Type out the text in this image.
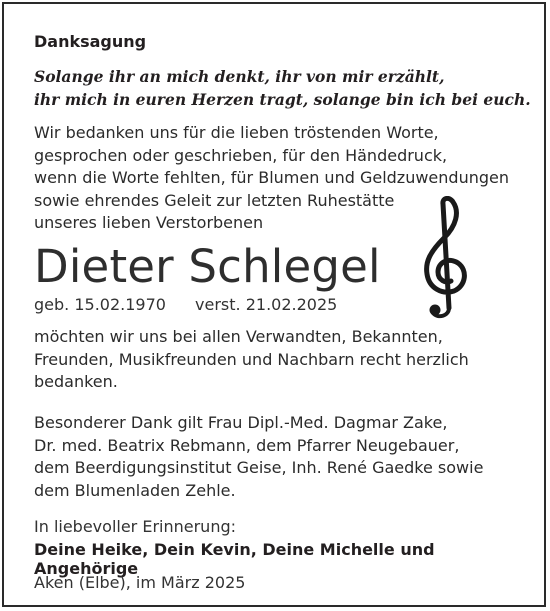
Danksagung
Solange ihr an mich denkt, ihr von mir erzählt,
ihr mich in euren Herzen tragt, solange bin ich bei euch.
Wir bedanken uns für die lieben tröstenden Worte,
gesprochen oder geschrieben, für den Händedruck,
wenn die Worte fehlten, für Blumen und Geldzuwendungen
sowie ehrendes Geleit zur letzten Ruhestätte
unseres lieben Verstorbenen
Dieter Schlegel
geb. 15.02.1970 verst. 21.02.2025
möchten wir uns bei allen Verwandten, Bekannten,
Freunden, Musikfreunden und Nachbarn recht herzlich
bedanken.
Besonderer Dank gilt Frau Dipl.-Med. Dagmar Zake,
Dr. med. Beatrix Rebmann, dem Pfarrer Neugebauer,
dem Beerdigungsinstitut Geise, Inh. René Gaedke sowie
dem Blumenladen Zehle.
In liebevoller Erinnerung:
Deine Heike, Dein Kevin, Deine Michelle und Angehörige
Aken (Elbe), im März 2025
